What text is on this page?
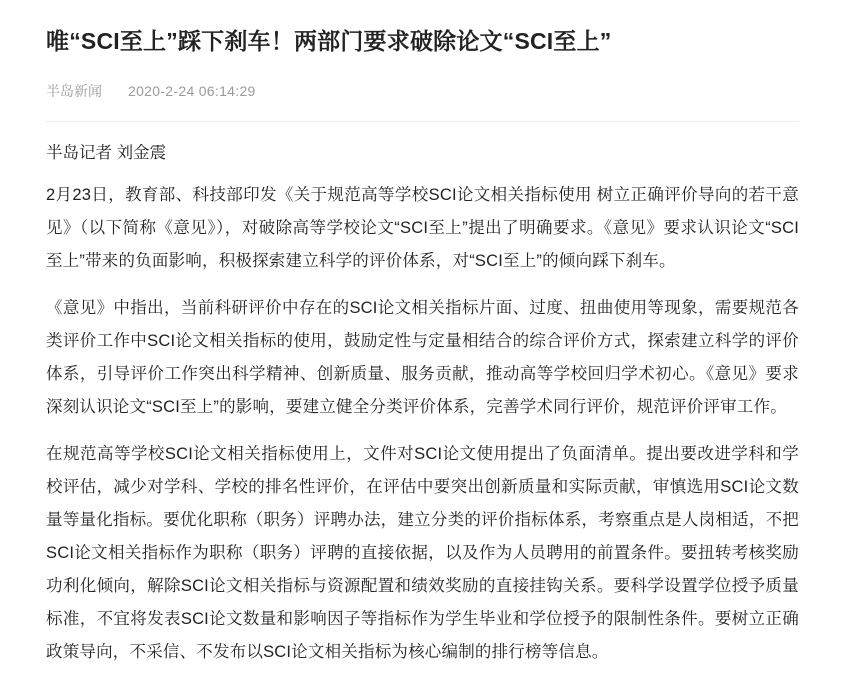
唯“SCI至上”踩下刹车！两部门要求破除论文“SCI至上”
半岛新闻 2020-2-24 06:14:29

半岛记者 刘金震

2月23日，教育部、科技部印发《关于规范高等学校SCI论文相关指标使用 树立正确评价导向的若干意见》（以下简称《意见》），对破除高等学校论文“SCI至上”提出了明确要求。《意见》要求认识论文“SCI至上”带来的负面影响，积极探索建立科学的评价体系，对“SCI至上”的倾向踩下刹车。

《意见》中指出，当前科研评价中存在的SCI论文相关指标片面、过度、扭曲使用等现象，需要规范各类评价工作中SCI论文相关指标的使用，鼓励定性与定量相结合的综合评价方式，探索建立科学的评价体系，引导评价工作突出科学精神、创新质量、服务贡献，推动高等学校回归学术初心。《意见》要求深刻认识论文“SCI至上”的影响，要建立健全分类评价体系，完善学术同行评价，规范评价评审工作。

在规范高等学校SCI论文相关指标使用上，文件对SCI论文使用提出了负面清单。提出要改进学科和学校评估，减少对学科、学校的排名性评价，在评估中要突出创新质量和实际贡献，审慎选用SCI论文数量等量化指标。要优化职称（职务）评聘办法，建立分类的评价指标体系，考察重点是人岗相适，不把SCI论文相关指标作为职称（职务）评聘的直接依据，以及作为人员聘用的前置条件。要扭转考核奖励功利化倾向，解除SCI论文相关指标与资源配置和绩效奖励的直接挂钩关系。要科学设置学位授予质量标准，不宜将发表SCI论文数量和影响因子等指标作为学生毕业和学位授予的限制性条件。要树立正确政策导向，不采信、不发布以SCI论文相关指标为核心编制的排行榜等信息。
